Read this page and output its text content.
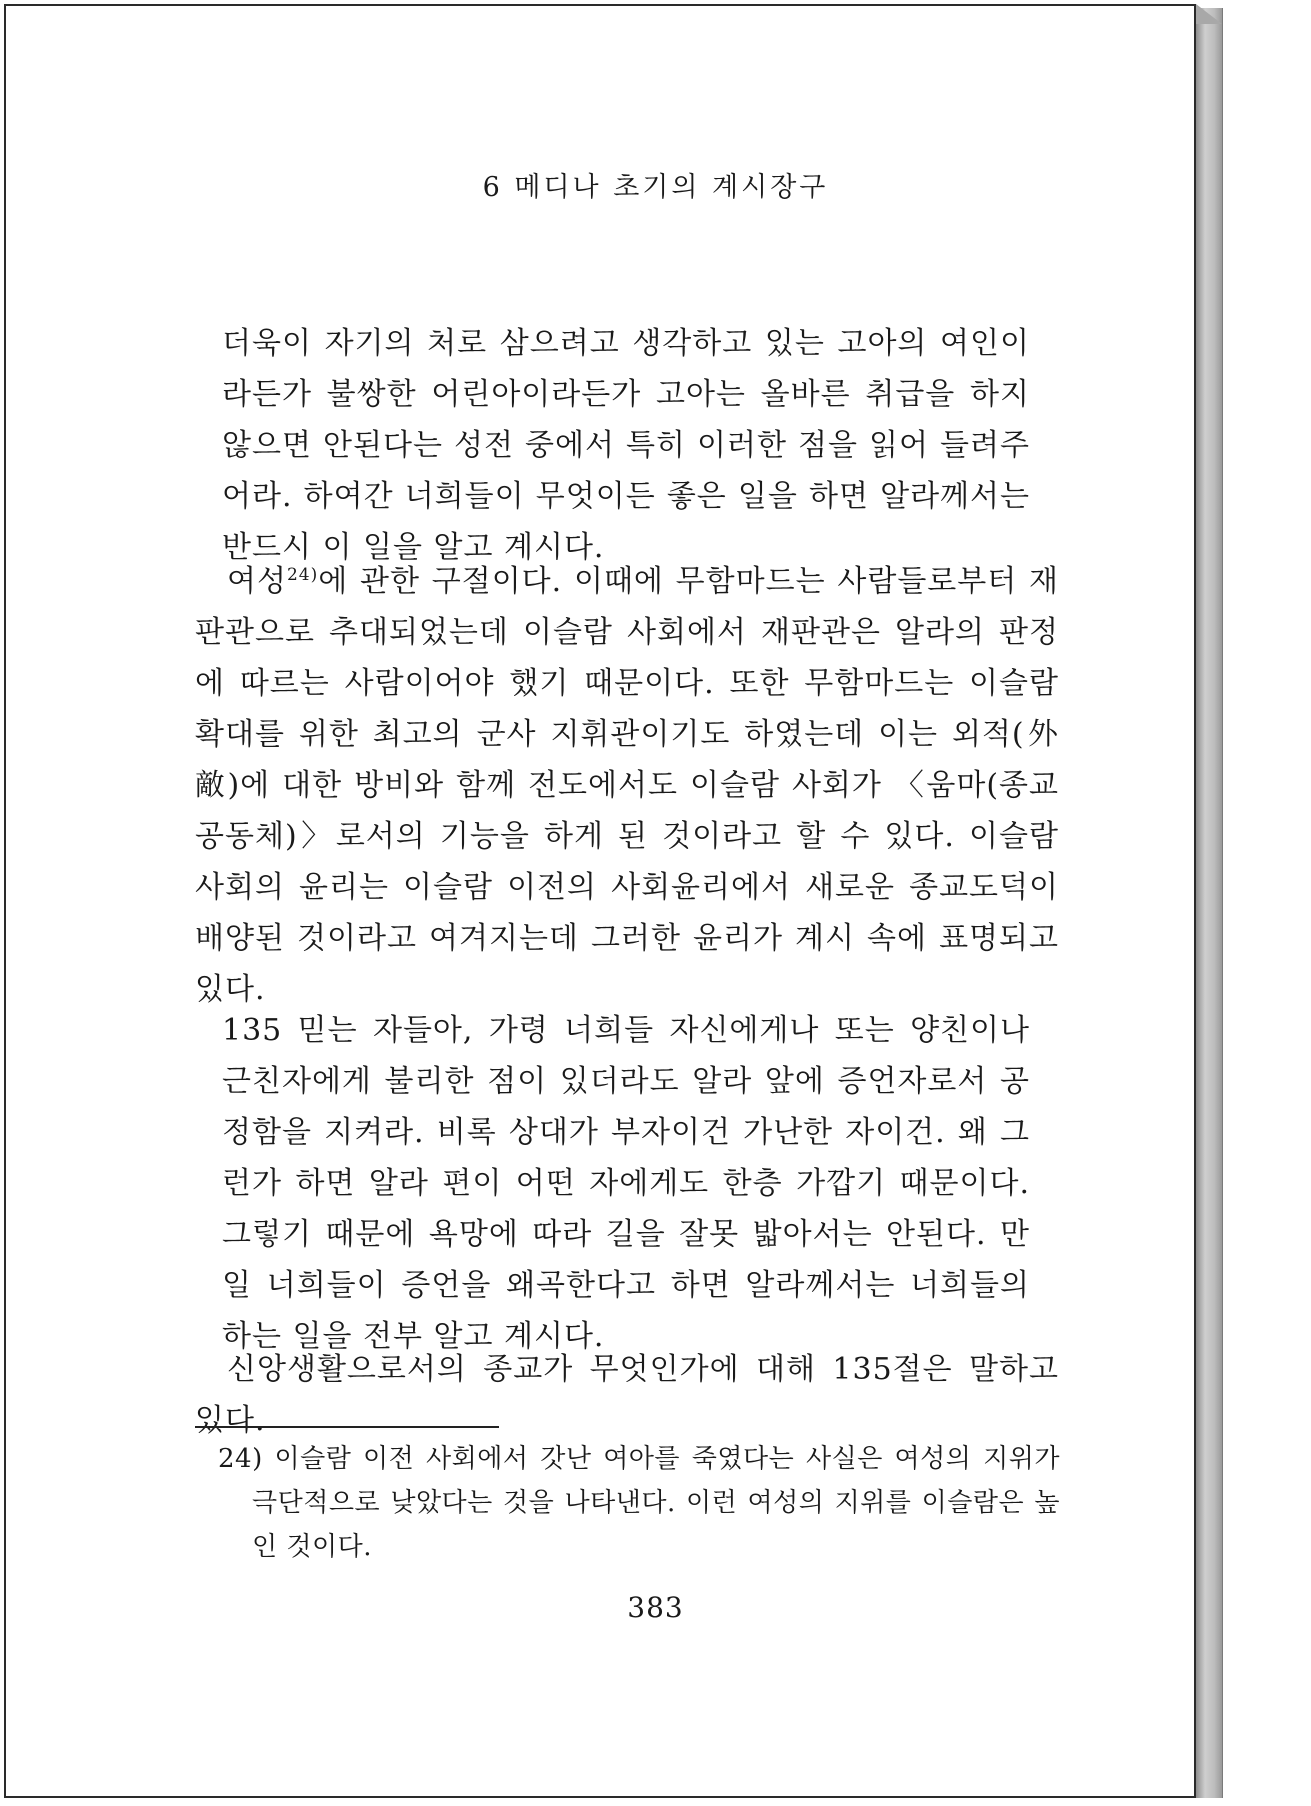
6 메디나 초기의 계시장구
더욱이 자기의 처로 삼으려고 생각하고 있는 고아의 여인이라든가 불쌍한 어린아이라든가 고아는 올바른 취급을 하지 않으면 안된다는 성전 중에서 특히 이러한 점을 읽어 들려주어라. 하여간 너희들이 무엇이든 좋은 일을 하면 알라께서는 반드시 이 일을 알고 계시다.
여성$^{24)}$에 관한 구절이다. 이때에 무함마드는 사람들로부터 재판관으로 추대되었는데 이슬람 사회에서 재판관은 알라의 판정에 따르는 사람이어야 했기 때문이다. 또한 무함마드는 이슬람 확대를 위한 최고의 군사 지휘관이기도 하였는데 이는 외적(外敵)에 대한 방비와 함께 전도에서도 이슬람 사회가 〈움마(종교공동체)〉로서의 기능을 하게 된 것이라고 할 수 있다. 이슬람 사회의 윤리는 이슬람 이전의 사회윤리에서 새로운 종교도덕이 배양된 것이라고 여겨지는데 그러한 윤리가 계시 속에 표명되고 있다.
135 믿는 자들아, 가령 너희들 자신에게나 또는 양친이나 근친자에게 불리한 점이 있더라도 알라 앞에 증언자로서 공정함을 지켜라. 비록 상대가 부자이건 가난한 자이건. 왜 그런가 하면 알라 편이 어떤 자에게도 한층 가깝기 때문이다. 그렇기 때문에 욕망에 따라 길을 잘못 밟아서는 안된다. 만일 너희들이 증언을 왜곡한다고 하면 알라께서는 너희들의 하는 일을 전부 알고 계시다.
신앙생활으로서의 종교가 무엇인가에 대해 135절은 말하고 있다.
24) 이슬람 이전 사회에서 갓난 여아를 죽였다는 사실은 여성의 지위가 극단적으로 낮았다는 것을 나타낸다. 이런 여성의 지위를 이슬람은 높인 것이다.
383
